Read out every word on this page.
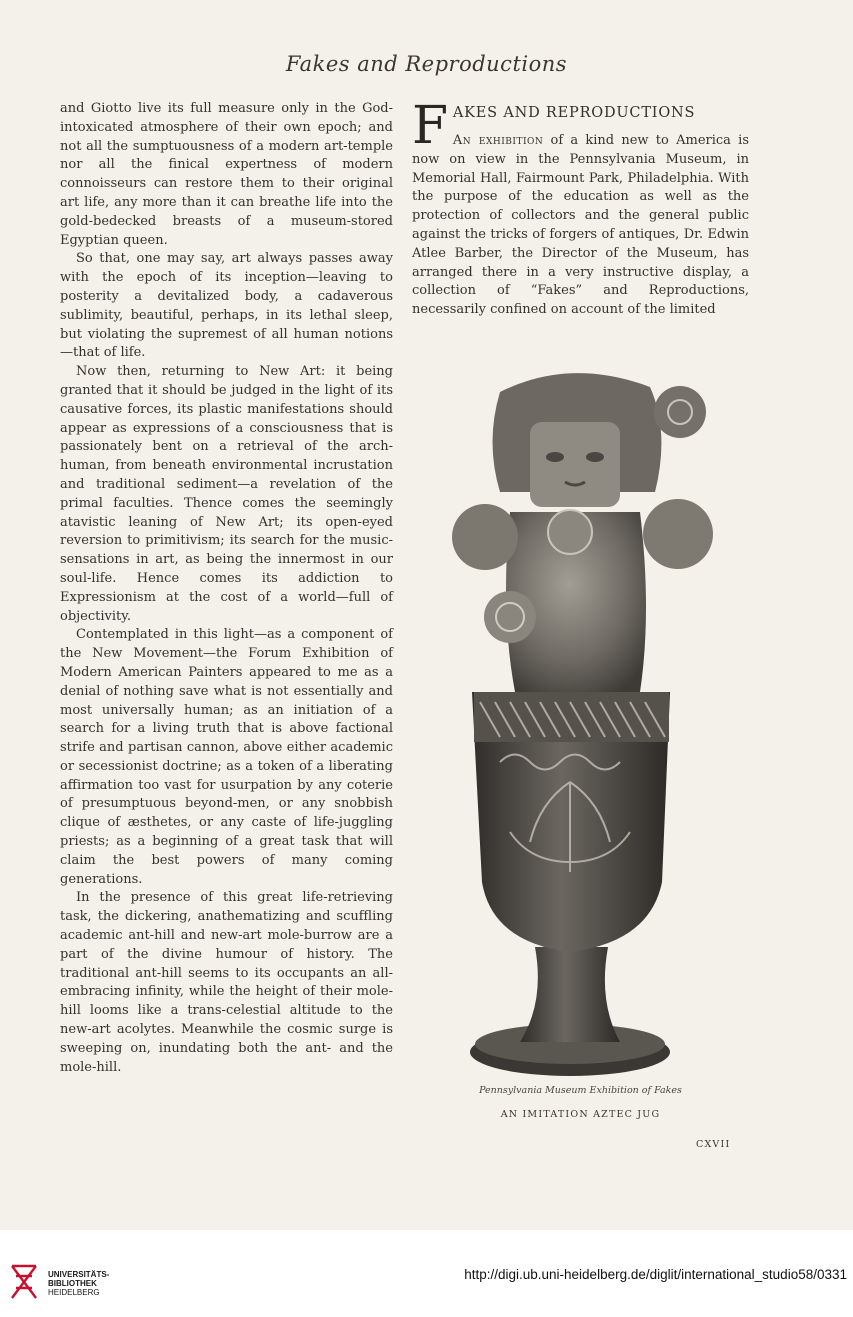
Fakes and Reproductions

and Giotto live its full measure only in the God-intoxicated atmosphere of their own epoch; and not all the sumptuousness of a modern art-temple nor all the finical expertness of modern connoisseurs can restore them to their original art life, any more than it can breathe life into the gold-bedecked breasts of a museum-stored Egyptian queen.

So that, one may say, art always passes away with the epoch of its inception—leaving to posterity a devitalized body, a cadaverous sublimity, beautiful, perhaps, in its lethal sleep, but violating the supremest of all human notions—that of life.

Now then, returning to New Art: it being granted that it should be judged in the light of its causative forces, its plastic manifestations should appear as expressions of a consciousness that is passionately bent on a retrieval of the arch-human, from beneath environmental incrustation and traditional sediment—a revelation of the primal faculties. Thence comes the seemingly atavistic leaning of New Art; its open-eyed reversion to primitivism; its search for the music-sensations in art, as being the innermost in our soul-life. Hence comes its addiction to Expressionism at the cost of a world—full of objectivity.

Contemplated in this light—as a component of the New Movement—the Forum Exhibition of Modern American Painters appeared to me as a denial of nothing save what is not essentially and most universally human; as an initiation of a search for a living truth that is above factional strife and partisan cannon, above either academic or secessionist doctrine; as a token of a liberating affirmation too vast for usurpation by any coterie of presumptuous beyond-men, or any snobbish clique of æsthetes, or any caste of life-juggling priests; as a beginning of a great task that will claim the best powers of many coming generations.

In the presence of this great life-retrieving task, the dickering, anathematizing and scuffling academic ant-hill and new-art mole-burrow are a part of the divine humour of history. The traditional ant-hill seems to its occupants an all-embracing infinity, while the height of their mole-hill looms like a trans-celestial altitude to the new-art acolytes. Meanwhile the cosmic surge is sweeping on, inundating both the ant- and the mole-hill.

FAKES AND REPRODUCTIONS

An exhibition of a kind new to America is now on view in the Pennsylvania Museum, in Memorial Hall, Fairmount Park, Philadelphia. With the purpose of the education as well as the protection of collectors and the general public against the tricks of forgers of antiques, Dr. Edwin Atlee Barber, the Director of the Museum, has arranged there in a very instructive display, a collection of “Fakes” and Reproductions, necessarily confined on account of the limited

Pennsylvania Museum Exhibition of Fakes
AN IMITATION AZTEC JUG
CXVII
UNIVERSITÄTS-
BIBLIOTHEK
HEIDELBERG
http://digi.ub.uni-heidelberg.de/diglit/international_studio58/0331
